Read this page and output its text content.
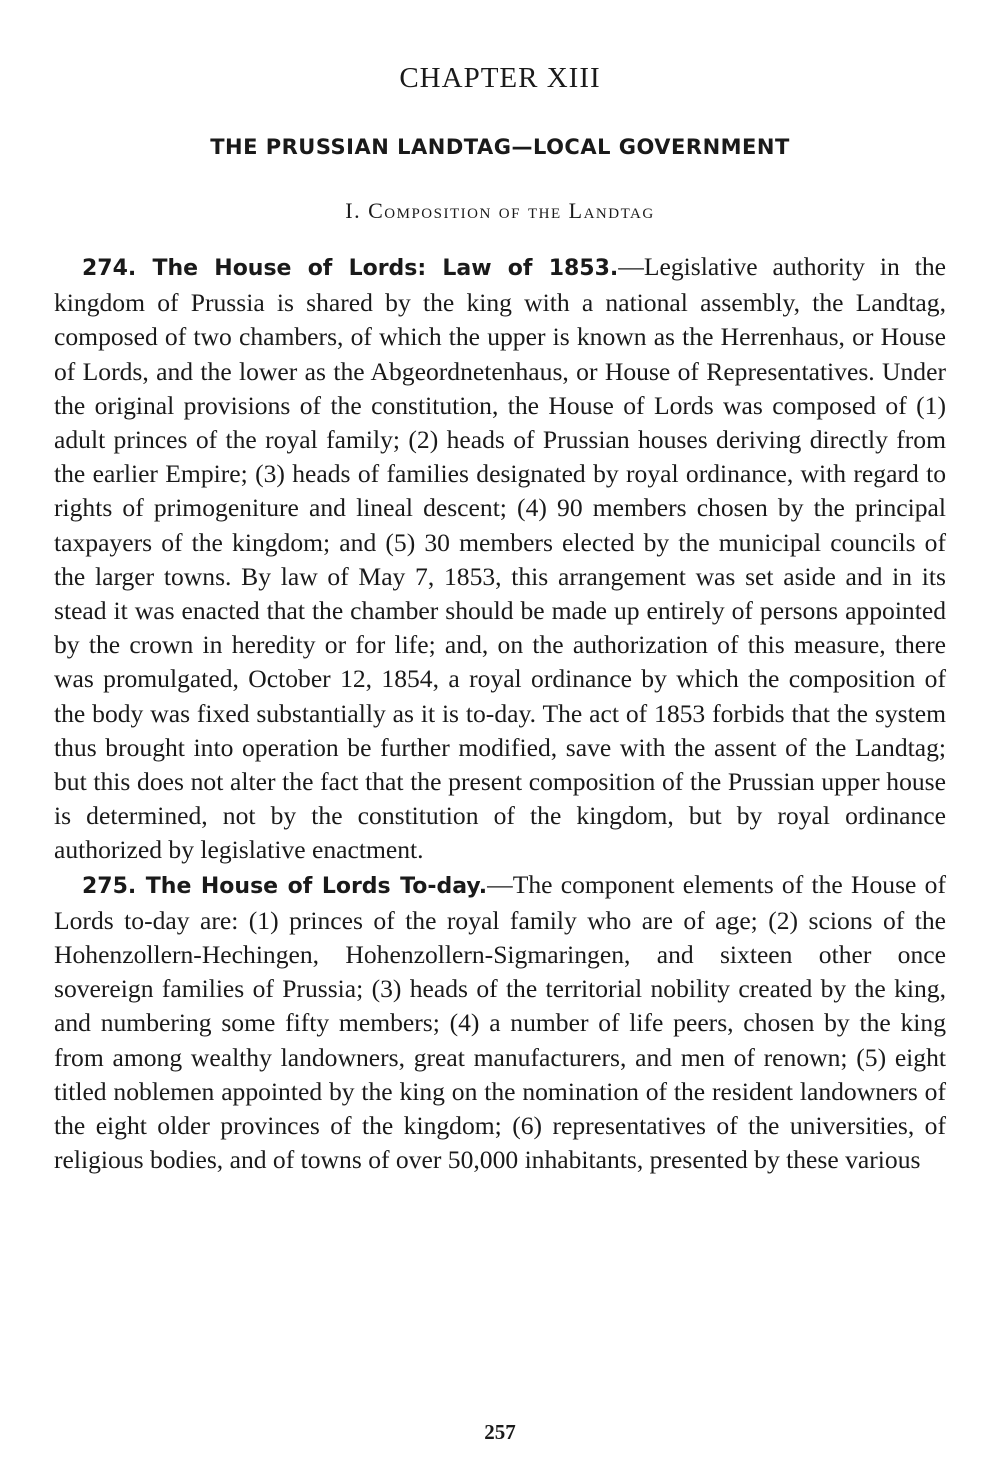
CHAPTER XIII
THE PRUSSIAN LANDTAG—LOCAL GOVERNMENT
I. Composition of the Landtag

274. The House of Lords: Law of 1853.—Legislative authority in the kingdom of Prussia is shared by the king with a national assembly, the Landtag, composed of two chambers, of which the upper is known as the Herrenhaus, or House of Lords, and the lower as the Abgeordnetenhaus, or House of Representatives. Under the original provisions of the constitution, the House of Lords was composed of (1) adult princes of the royal family; (2) heads of Prussian houses deriving directly from the earlier Empire; (3) heads of families designated by royal ordinance, with regard to rights of primogeniture and lineal descent; (4) 90 members chosen by the principal taxpayers of the kingdom; and (5) 30 members elected by the municipal councils of the larger towns. By law of May 7, 1853, this arrangement was set aside and in its stead it was enacted that the chamber should be made up entirely of persons appointed by the crown in heredity or for life; and, on the authorization of this measure, there was promulgated, October 12, 1854, a royal ordinance by which the composition of the body was fixed substantially as it is to-day. The act of 1853 forbids that the system thus brought into operation be further modified, save with the assent of the Landtag; but this does not alter the fact that the present composition of the Prussian upper house is determined, not by the constitution of the kingdom, but by royal ordinance authorized by legislative enactment.

275. The House of Lords To-day.—The component elements of the House of Lords to-day are: (1) princes of the royal family who are of age; (2) scions of the Hohenzollern-Hechingen, Hohenzollern-Sigmaringen, and sixteen other once sovereign families of Prussia; (3) heads of the territorial nobility created by the king, and numbering some fifty members; (4) a number of life peers, chosen by the king from among wealthy landowners, great manufacturers, and men of renown; (5) eight titled noblemen appointed by the king on the nomination of the resident landowners of the eight older provinces of the kingdom; (6) representatives of the universities, of religious bodies, and of towns of over 50,000 inhabitants, presented by these various

257
